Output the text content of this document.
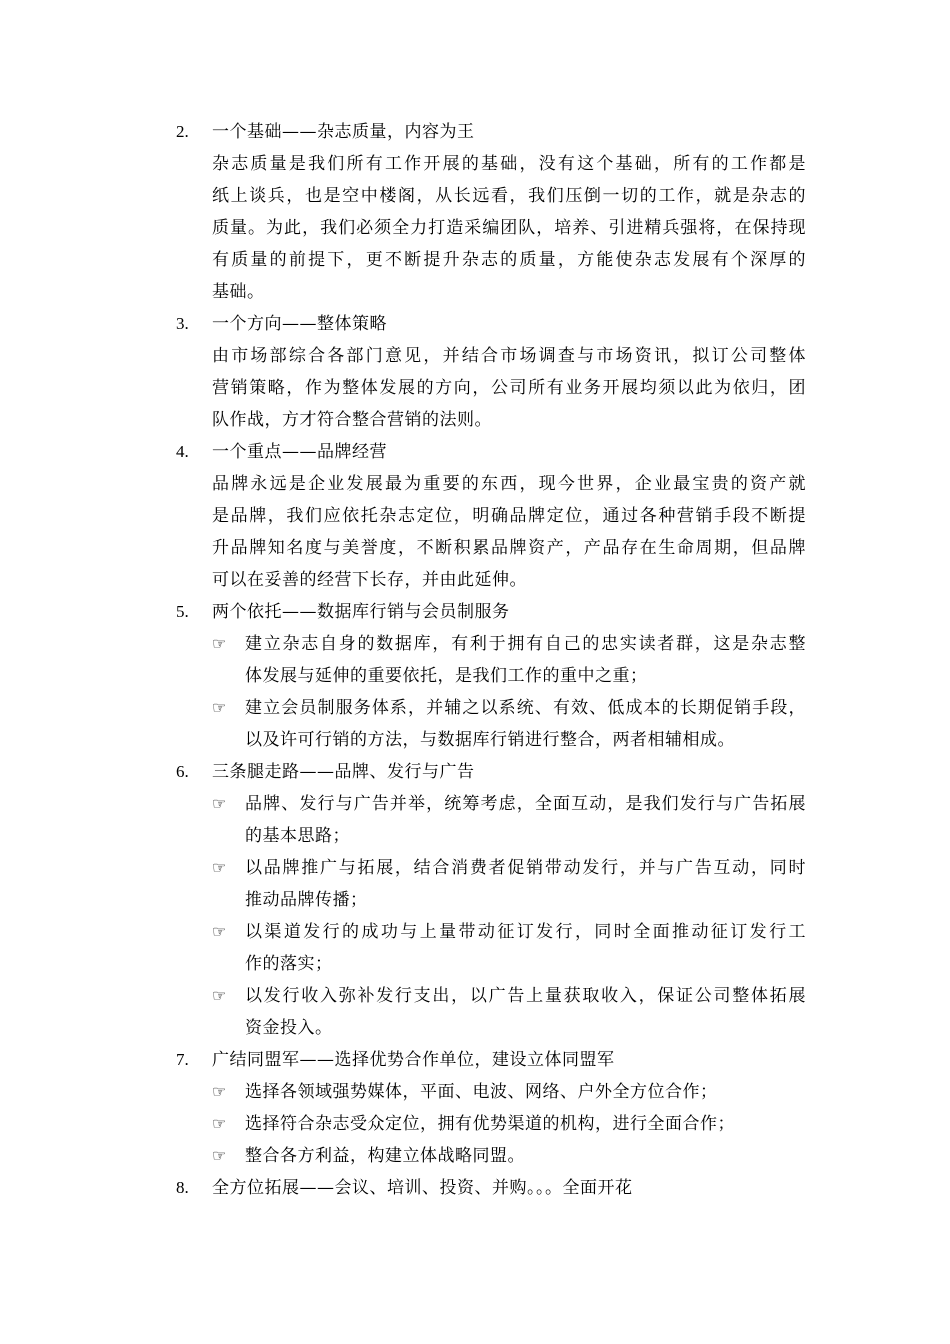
2. 一个基础——杂志质量，内容为王
杂志质量是我们所有工作开展的基础，没有这个基础，所有的工作都是
纸上谈兵，也是空中楼阁，从长远看，我们压倒一切的工作，就是杂志的
质量。为此，我们必须全力打造采编团队，培养、引进精兵强将，在保持现
有质量的前提下，更不断提升杂志的质量，方能使杂志发展有个深厚的
基础。
3. 一个方向——整体策略
由市场部综合各部门意见，并结合市场调查与市场资讯，拟订公司整体
营销策略，作为整体发展的方向，公司所有业务开展均须以此为依归，团
队作战，方才符合整合营销的法则。
4. 一个重点——品牌经营
品牌永远是企业发展最为重要的东西，现今世界，企业最宝贵的资产就
是品牌，我们应依托杂志定位，明确品牌定位，通过各种营销手段不断提
升品牌知名度与美誉度，不断积累品牌资产，产品存在生命周期，但品牌
可以在妥善的经营下长存，并由此延伸。
5. 两个依托——数据库行销与会员制服务
☞ 建立杂志自身的数据库，有利于拥有自己的忠实读者群，这是杂志整
体发展与延伸的重要依托，是我们工作的重中之重；
☞ 建立会员制服务体系，并辅之以系统、有效、低成本的长期促销手段，
以及许可行销的方法，与数据库行销进行整合，两者相辅相成。
6. 三条腿走路——品牌、发行与广告
☞ 品牌、发行与广告并举，统筹考虑，全面互动，是我们发行与广告拓展
的基本思路；
☞ 以品牌推广与拓展，结合消费者促销带动发行，并与广告互动，同时
推动品牌传播；
☞ 以渠道发行的成功与上量带动征订发行，同时全面推动征订发行工
作的落实；
☞ 以发行收入弥补发行支出，以广告上量获取收入，保证公司整体拓展
资金投入。
7. 广结同盟军——选择优势合作单位，建设立体同盟军
☞ 选择各领域强势媒体，平面、电波、网络、户外全方位合作；
☞ 选择符合杂志受众定位，拥有优势渠道的机构，进行全面合作；
☞ 整合各方利益，构建立体战略同盟。
8. 全方位拓展——会议、培训、投资、并购。。。全面开花
